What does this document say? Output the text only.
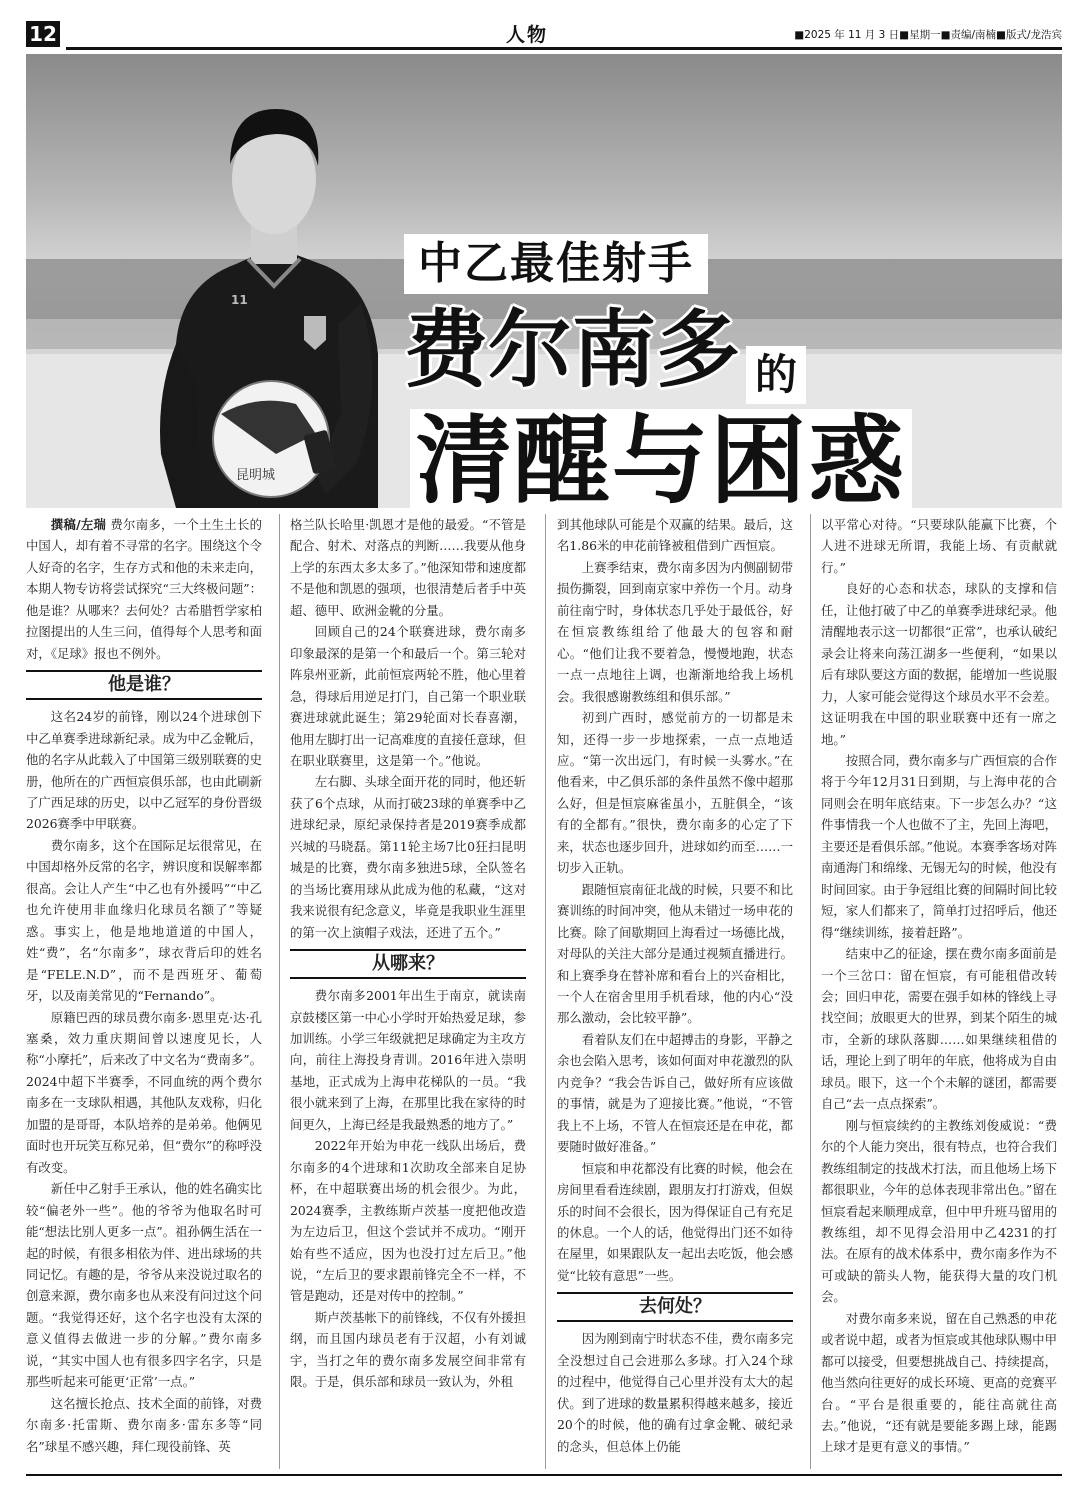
12	人物	■2025 年 11 月 3 日■星期一■责编/南楠■版式/龙浩宾
11
昆明城
中乙最佳射手
费尔南多 的
清醒与困惑

撰稿/左瑞 费尔南多，一个土生土长的中国人，却有着不寻常的名字。围绕这个令人好奇的名字，生存方式和他的未来走向，本期人物专访将尝试探究“三大终极问题”：他是谁？从哪来？去何处？古希腊哲学家柏拉图提出的人生三问，值得每个人思考和面对，《足球》报也不例外。

他是谁？

这名24岁的前锋，刚以24个进球创下中乙单赛季进球新纪录。成为中乙金靴后，他的名字从此载入了中国第三级别联赛的史册，他所在的广西恒宸俱乐部，也由此刷新了广西足球的历史，以中乙冠军的身份晋级2026赛季中甲联赛。

费尔南多，这个在国际足坛很常见，在中国却格外反常的名字，辨识度和误解率都很高。会让人产生“中乙也有外援吗”“中乙也允许使用非血缘归化球员名额了”等疑惑。事实上，他是地地道道的中国人，姓“费”，名“尔南多”，球衣背后印的姓名是“FELE.N.D”，而不是西班牙、葡萄牙，以及南美常见的“Fernando”。

原籍巴西的球员费尔南多·恩里克·达·孔塞桑，效力重庆期间曾以速度见长，人称“小摩托”，后来改了中文名为“费南多”。2024中超下半赛季，不同血统的两个费尔南多在一支球队相遇，其他队友戏称，归化加盟的是哥哥，本队培养的是弟弟。他俩见面时也开玩笑互称兄弟，但“费尔”的称呼没有改变。

新任中乙射手王承认，他的姓名确实比较“偏老外一些”。他的爷爷为他取名时可能“想法比别人更多一点”。祖孙俩生活在一起的时候，有很多相依为伴、进出球场的共同记忆。有趣的是，爷爷从来没说过取名的创意来源，费尔南多也从来没有问过这个问题。“我觉得还好，这个名字也没有太深的意义值得去做进一步的分解。”费尔南多说，“其实中国人也有很多四字名字，只是那些听起来可能更‘正常’一点。”

这名擅长抢点、技术全面的前锋，对费尔南多·托雷斯、费尔南多·雷东多等“同名”球星不感兴趣，拜仁现役前锋、英

格兰队长哈里·凯恩才是他的最爱。“不管是配合、射术、对落点的判断……我要从他身上学的东西太多太多了。”他深知带和速度都不是他和凯恩的强项，也很清楚后者手中英超、德甲、欧洲金靴的分量。

回顾自己的24个联赛进球，费尔南多印象最深的是第一个和最后一个。第三轮对阵泉州亚新，此前恒宸两轮不胜，他心里着急，得球后用逆足打门，自己第一个职业联赛进球就此诞生；第29轮面对长春喜潮，他用左脚打出一记高难度的直接任意球，但在职业联赛里，这是第一个。”他说。

左右脚、头球全面开花的同时，他还斩获了6个点球，从而打破23球的单赛季中乙进球纪录，原纪录保持者是2019赛季成都兴城的马晓磊。第11轮主场7比0狂扫昆明城是的比赛，费尔南多独进5球，全队签名的当场比赛用球从此成为他的私藏，“这对我来说很有纪念意义，毕竟是我职业生涯里的第一次上演帽子戏法，还进了五个。”

从哪来？

费尔南多2001年出生于南京，就读南京鼓楼区第一中心小学时开始热爱足球，参加训练。小学三年级就把足球确定为主攻方向，前往上海投身青训。2016年进入崇明基地，正式成为上海申花梯队的一员。“我很小就来到了上海，在那里比我在家待的时间更久，上海已经是我最熟悉的地方了。”

2022年开始为申花一线队出场后，费尔南多的4个进球和1次助攻全部来自足协杯，在中超联赛出场的机会很少。为此，2024赛季，主教练斯卢茨基一度把他改造为左边后卫，但这个尝试并不成功。“刚开始有些不适应，因为也没打过左后卫。”他说，“左后卫的要求跟前锋完全不一样，不管是跑动，还是对传中的控制。”

斯卢茨基帐下的前锋线，不仅有外援担纲，而且国内球员老有于汉超，小有刘诚宇，当打之年的费尔南多发展空间非常有限。于是，俱乐部和球员一致认为，外租

到其他球队可能是个双赢的结果。最后，这名1.86米的申花前锋被租借到广西恒宸。

上赛季结束，费尔南多因为内侧副韧带损伤撕裂，回到南京家中养伤一个月。动身前往南宁时，身体状态几乎处于最低谷，好在恒宸教练组给了他最大的包容和耐心。“他们让我不要着急，慢慢地跑，状态一点一点地往上调，也渐渐地给我上场机会。我很感谢教练组和俱乐部。”

初到广西时，感觉前方的一切都是未知，还得一步一步地探索，一点一点地适应。“第一次出远门，有时候一头雾水。”在他看来，中乙俱乐部的条件虽然不像中超那么好，但是恒宸麻雀虽小，五脏俱全，“该有的全都有。”很快，费尔南多的心定了下来，状态也逐步回升，进球如约而至……一切步入正轨。

跟随恒宸南征北战的时候，只要不和比赛训练的时间冲突，他从未错过一场申花的比赛。除了间歇期回上海看过一场德比战，对母队的关注大部分是通过视频直播进行。和上赛季身在替补席和看台上的兴奋相比，一个人在宿舍里用手机看球，他的内心“没那么激动，会比较平静”。

看着队友们在中超搏击的身影，平静之余也会陷入思考，该如何面对申花激烈的队内竞争？“我会告诉自己，做好所有应该做的事情，就是为了迎接比赛。”他说，“不管我上不上场，不管人在恒宸还是在申花，都要随时做好准备。”

恒宸和申花都没有比赛的时候，他会在房间里看看连续剧，跟朋友打打游戏，但娱乐的时间不会很长，因为得保证自己有充足的休息。一个人的话，他觉得出门还不如待在屋里，如果跟队友一起出去吃饭，他会感觉“比较有意思”一些。

去何处？

因为刚到南宁时状态不佳，费尔南多完全没想过自己会进那么多球。打入24个球的过程中，他觉得自己心里并没有太大的起伏。到了进球的数量累积得越来越多，接近20个的时候，他的确有过拿金靴、破纪录的念头，但总体上仍能

以平常心对待。“只要球队能赢下比赛，个人进不进球无所谓，我能上场、有贡献就行。”

良好的心态和状态，球队的支撑和信任，让他打破了中乙的单赛季进球纪录。他清醒地表示这一切都很“正常”，也承认破纪录会让将来向荡江湖多一些便利，“如果以后有球队要这方面的数据，能增加一些说服力，人家可能会觉得这个球员水平不会差。这证明我在中国的职业联赛中还有一席之地。”

按照合同，费尔南多与广西恒宸的合作将于今年12月31日到期，与上海申花的合同则会在明年底结束。下一步怎么办？“这件事情我一个人也做不了主，先回上海吧，主要还是看俱乐部。”他说。本赛季客场对阵南通海门和绵缘、无锡无勾的时候，他没有时间回家。由于争冠组比赛的间隔时间比较短，家人们都来了，简单打过招呼后，他还得“继续训练，接着赶路”。

结束中乙的征途，摆在费尔南多面前是一个三岔口：留在恒宸，有可能租借改转会；回归申花，需要在强手如林的锋线上寻找空间；放眼更大的世界，到某个陌生的城市，全新的球队落脚……如果继续租借的话，理论上到了明年的年底，他将成为自由球员。眼下，这一个个未解的谜团，都需要自己“去一点点探索”。

刚与恒宸续约的主教练刘俊威说：“费尔的个人能力突出，很有特点，也符合我们教练组制定的技战术打法，而且他场上场下都很职业，今年的总体表现非常出色。”留在恒宸看起来顺理成章，但中甲升班马留用的教练组，却不见得会沿用中乙4231的打法。在原有的战术体系中，费尔南多作为不可或缺的箭头人物，能获得大量的攻门机会。

对费尔南多来说，留在自己熟悉的申花或者说中超，或者为恒宸或其他球队赐中甲都可以接受，但要想挑战自己、持续提高，他当然向往更好的成长环境、更高的竞赛平台。“平台是很重要的，能往高就往高去。”他说，“还有就是要能多踢上球，能踢上球才是更有意义的事情。”
